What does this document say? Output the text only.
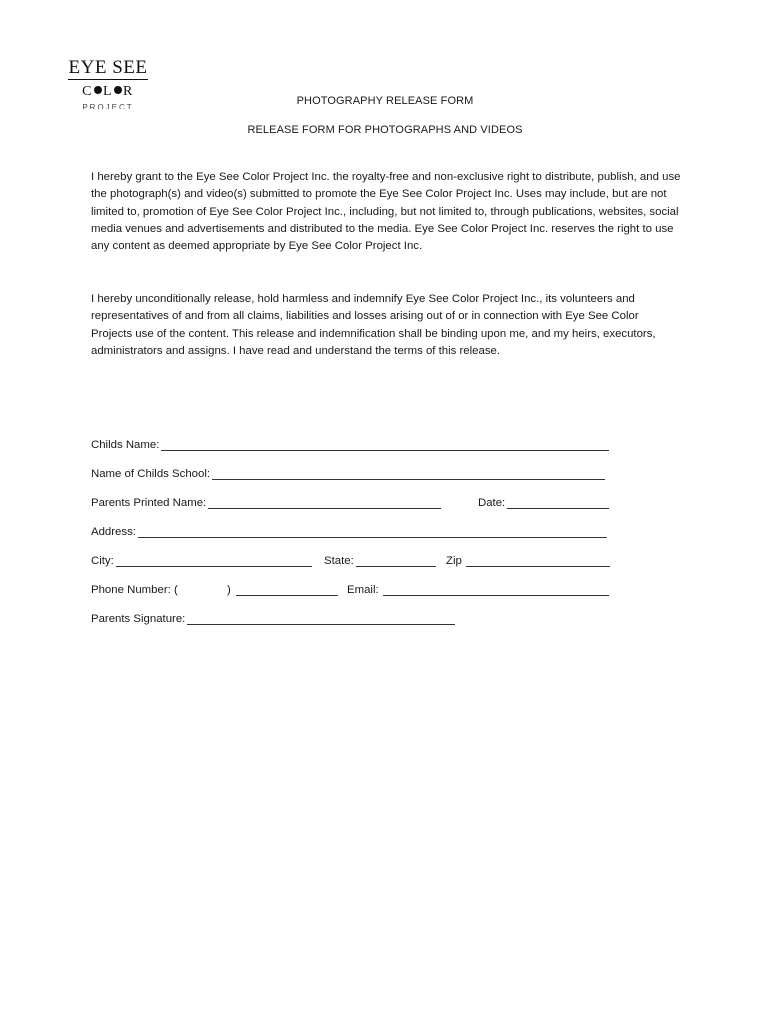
EYE SEE
C L R
PROJECT
PHOTOGRAPHY RELEASE FORM
RELEASE FORM FOR PHOTOGRAPHS AND VIDEOS

I hereby grant to the Eye See Color Project Inc. the royalty-free and non-exclusive right to distribute, publish, and use the photograph(s) and video(s) submitted to promote the Eye See Color Project Inc. Uses may include, but are not limited to, promotion of Eye See Color Project Inc., including, but not limited to, through publications, websites, social media venues and advertisements and distributed to the media. Eye See Color Project Inc. reserves the right to use any content as deemed appropriate by Eye See Color Project Inc.

I hereby unconditionally release, hold harmless and indemnify Eye See Color Project Inc., its volunteers and representatives of and from all claims, liabilities and losses arising out of or in connection with Eye See Color Projects use of the content. This release and indemnification shall be binding upon me, and my heirs, executors, administrators and assigns. I have read and understand the terms of this release.

Childs Name:
Name of Childs School:
Parents Printed Name:	Date:
Address:
City:	State:	Zip
Phone Number: (	)	Email:
Parents Signature:
